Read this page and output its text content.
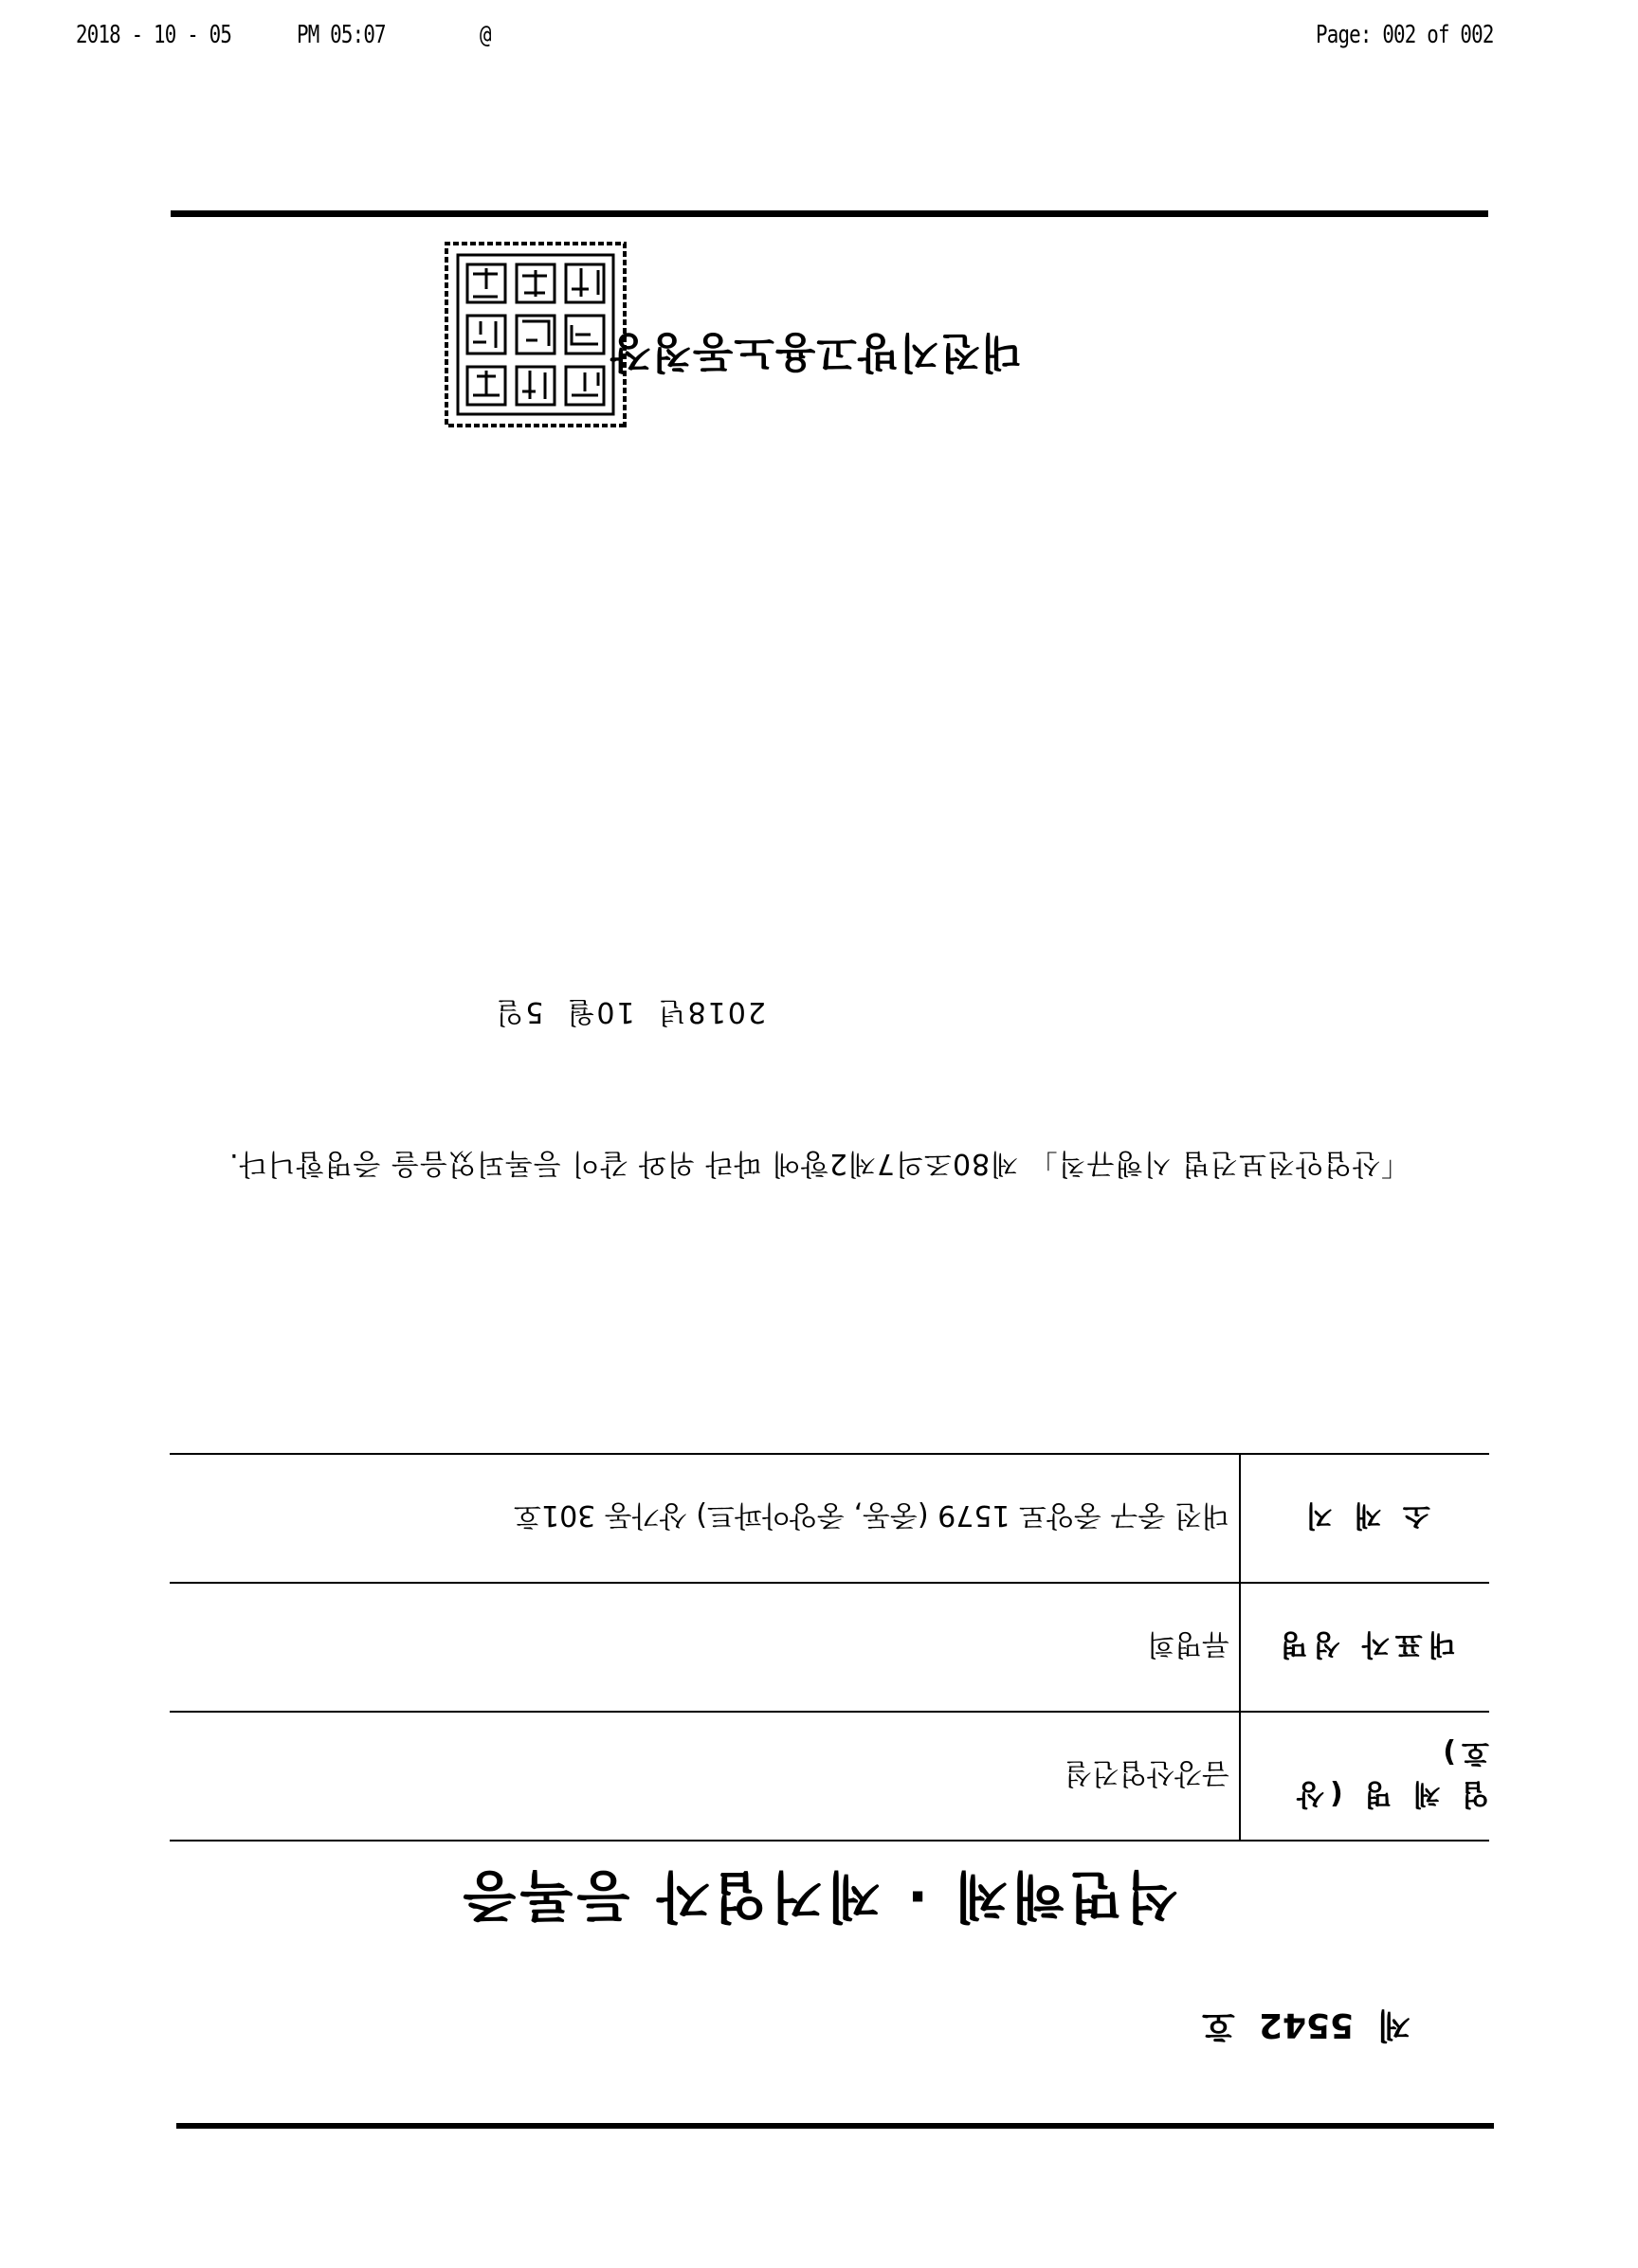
2018 - 10 - 05	PM 05:07	@	Page: 002 of 002
제  5542  호
석면해체 · 제거업자 등록증
업 체 명 (상호)
금강산업건설
대표자 성명
류명희
소 재 지
대전 중구 중앙로 1579 (중동, 중앙아파트) 상가동 301호
「산업안전보건법 시행규칙」 제80조의7제2항에 따라 위와 같이 등록되었음을 증명합니다.
2018년  10월  5일
대전지방고용노동청장
